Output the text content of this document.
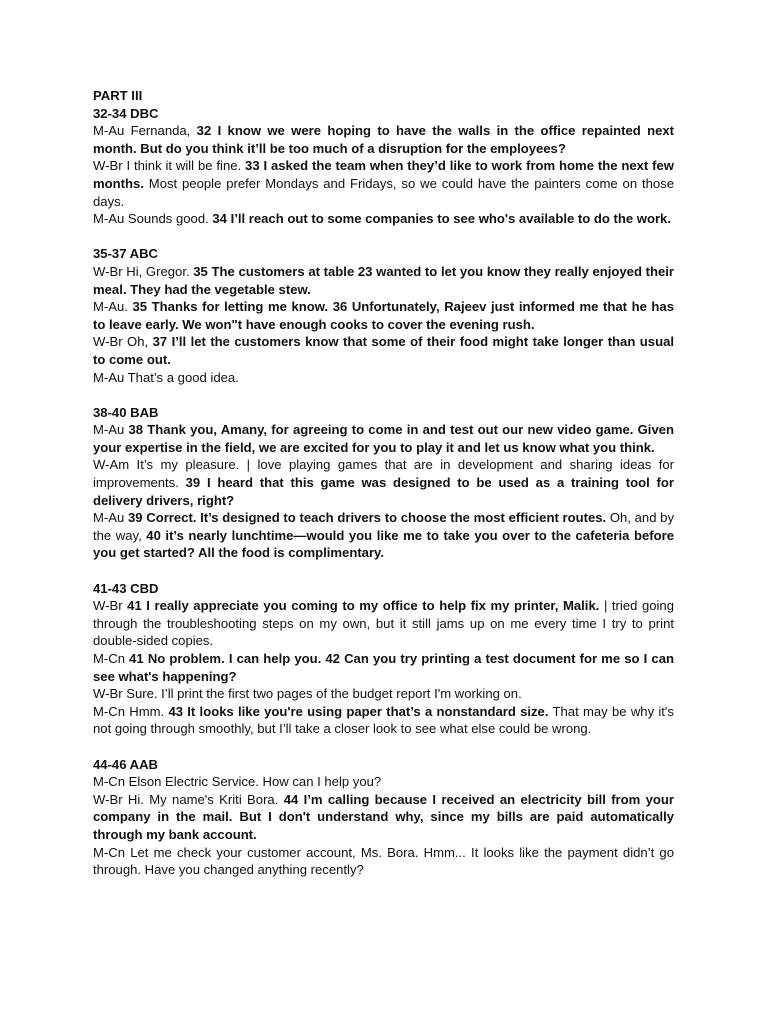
PART III
32-34 DBC
M-Au Fernanda, 32 I know we were hoping to have the walls in the office repainted next month. But do you think it’ll be too much of a disruption for the employees?
W-Br I think it will be fine. 33 I asked the team when they’d like to work from home the next few months. Most people prefer Mondays and Fridays, so we could have the painters come on those days.
M-Au Sounds good. 34 I’ll reach out to some companies to see who's available to do the work.
35-37 ABC
W-Br Hi, Gregor. 35 The customers at table 23 wanted to let you know they really enjoyed their meal. They had the vegetable stew.
M-Au. 35 Thanks for letting me know. 36 Unfortunately, Rajeev just informed me that he has to leave early. We won"t have enough cooks to cover the evening rush.
W-Br Oh, 37 I’ll let the customers know that some of their food might take longer than usual to come out.
M-Au That’s a good idea.
38-40 BAB
M-Au 38 Thank you, Amany, for agreeing to come in and test out our new video game. Given your expertise in the field, we are excited for you to play it and let us know what you think.
W-Am It’s my pleasure. | love playing games that are in development and sharing ideas for improvements. 39 I heard that this game was designed to be used as a training tool for delivery drivers, right?
M-Au 39 Correct. It’s designed to teach drivers to choose the most efficient routes. Oh, and by the way, 40 it’s nearly lunchtime—would you like me to take you over to the cafeteria before you get started? All the food is complimentary.
41-43 CBD
W-Br 41 I really appreciate you coming to my office to help fix my printer, Malik. | tried going through the troubleshooting steps on my own, but it still jams up on me every time I try to print double-sided copies.
M-Cn 41 No problem. I can help you. 42 Can you try printing a test document for me so I can see what's happening?
W-Br Sure. I’ll print the first two pages of the budget report I'm working on.
M-Cn Hmm. 43 It looks like you're using paper that’s a nonstandard size. That may be why it's not going through smoothly, but I’ll take a closer look to see what else could be wrong.
44-46 AAB
M-Cn Elson Electric Service. How can I help you?
W-Br Hi. My name's Kriti Bora. 44 I’m calling because I received an electricity bill from your company in the mail. But I don't understand why, since my bills are paid automatically through my bank account.
M-Cn Let me check your customer account, Ms. Bora. Hmm... It looks like the payment didn’t go through. Have you changed anything recently?
